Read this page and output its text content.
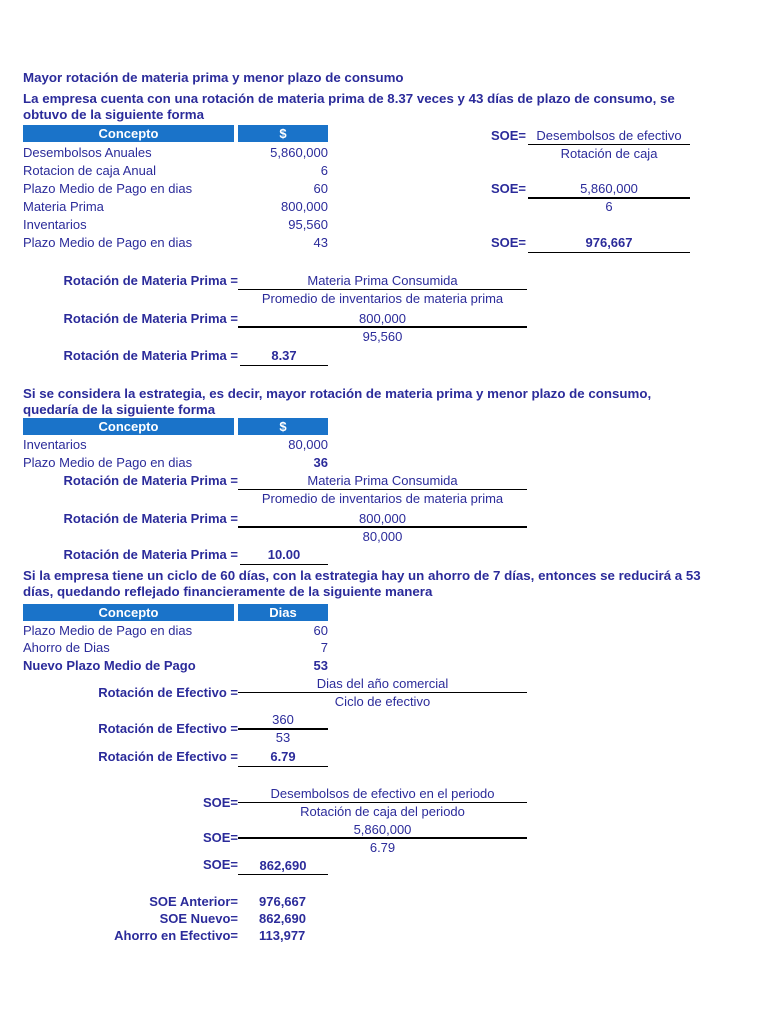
Mayor rotación de materia prima y menor plazo de consumo
La empresa cuenta con una rotación de materia prima de 8.37 veces y 43 días de plazo de consumo, se obtuvo de la siguiente forma
Concepto	$
Desembolsos Anuales	5,860,000
Rotacion de caja Anual	6
Plazo Medio de Pago en dias	60
Materia Prima	800,000
Inventarios	95,560
Plazo Medio de Pago en dias	43
SOE= Desembolsos de efectivo
Rotación de caja
SOE=	5,860,000
6
SOE=	976,667
Rotación de Materia Prima =	Materia Prima Consumida
Promedio de inventarios de materia prima
Rotación de Materia Prima =	800,000
95,560
Rotación de Materia Prima =	8.37
Si se considera la estrategia, es decir, mayor rotación de materia prima y menor plazo de consumo, quedaría de la siguiente forma
Concepto	$
Inventarios	80,000
Plazo Medio de Pago en dias	36
Rotación de Materia Prima =	Materia Prima Consumida
Promedio de inventarios de materia prima
Rotación de Materia Prima =	800,000
80,000
Rotación de Materia Prima =	10.00
Si la empresa tiene un ciclo de 60 días, con la estrategia hay un ahorro de 7 días, entonces se reducirá a 53 días, quedando reflejado financieramente de la siguiente manera
Concepto	Dias
Plazo Medio de Pago en dias	60
Ahorro de Dias	7
Nuevo Plazo Medio de Pago	53
Rotación de Efectivo =
Dias del año comercial
Ciclo de efectivo
Rotación de Efectivo =
360
53
Rotación de Efectivo =	6.79
SOE=
Desembolsos de efectivo en el periodo
Rotación de caja del periodo
SOE=
5,860,000
6.79
SOE=	862,690
SOE Anterior= 976,667
SOE Nuevo= 862,690
Ahorro en Efectivo= 113,977
